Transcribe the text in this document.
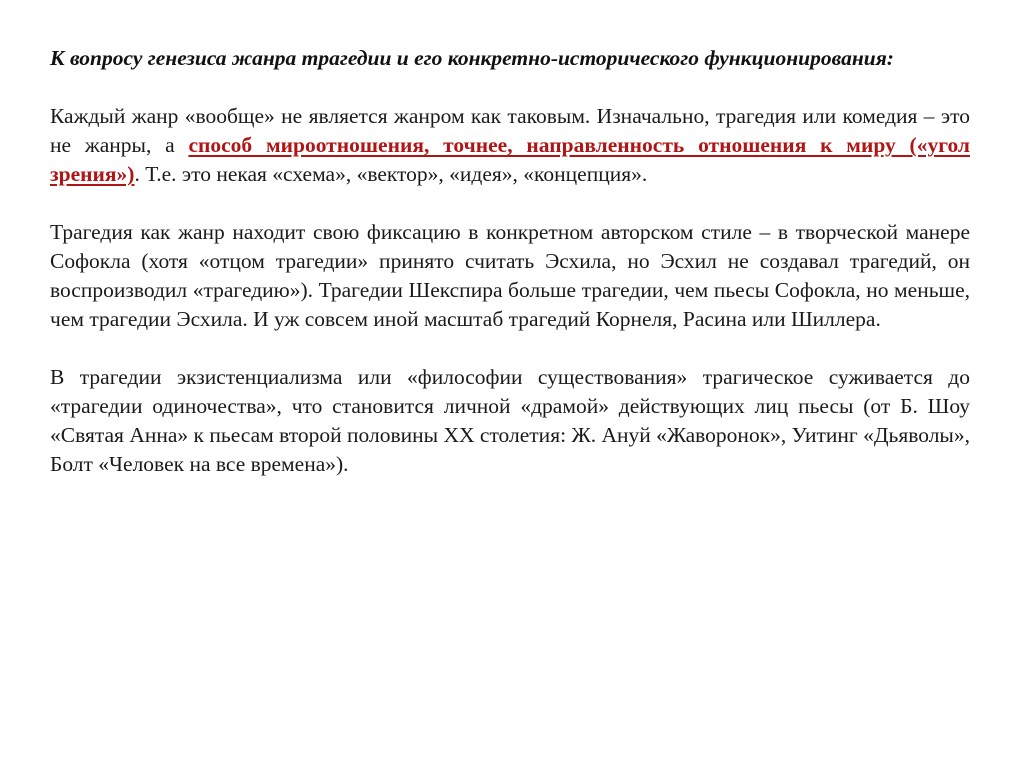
К вопросу генезиса жанра трагедии и его конкретно-исторического функционирования:

Каждый жанр «вообще» не является жанром как таковым. Изначально, трагедия или комедия – это не жанры, а способ мироотношения, точнее, направленность отношения к миру («угол зрения»). Т.е. это некая «схема», «вектор», «идея», «концепция».

Трагедия как жанр находит свою фиксацию в конкретном авторском стиле – в творческой манере Софокла (хотя «отцом трагедии» принято считать Эсхила, но Эсхил не создавал трагедий, он воспроизводил «трагедию»). Трагедии Шекспира больше трагедии, чем пьесы Софокла, но меньше, чем трагедии Эсхила. И уж совсем иной масштаб трагедий Корнеля, Расина или Шиллера.

В трагедии экзистенциализма или «философии существования» трагическое суживается до «трагедии одиночества», что становится личной «драмой» действующих лиц пьесы (от Б. Шоу «Святая Анна» к пьесам второй половины XX столетия: Ж. Ануй «Жаворонок», Уитинг «Дьяволы», Болт «Человек на все времена»).
